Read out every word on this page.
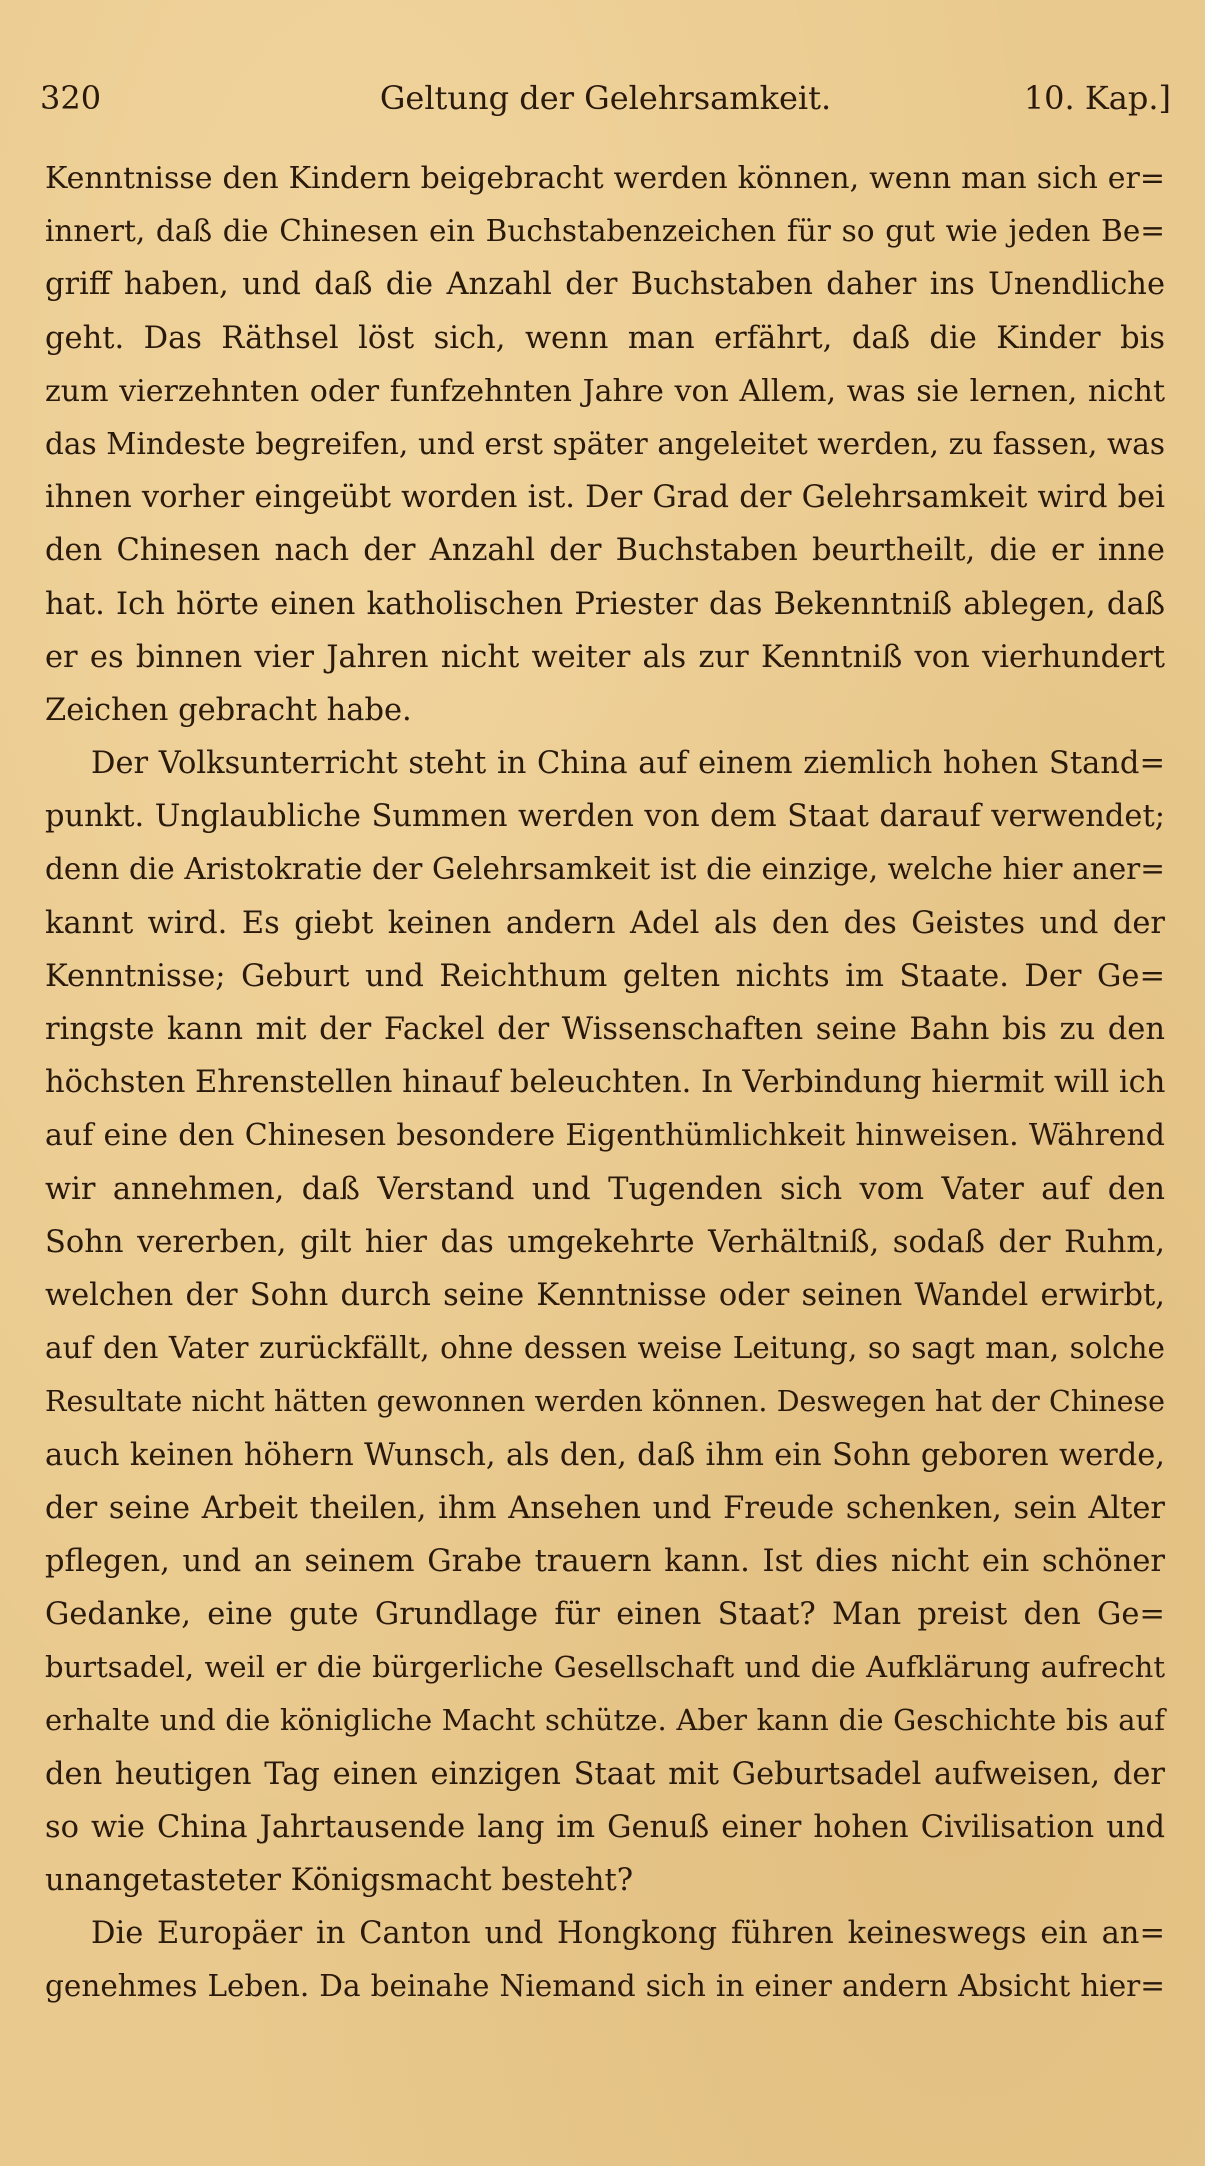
320	Geltung der Gelehrsamkeit.	10. Kap.]
Kenntnisse den Kindern beigebracht werden können, wenn man sich er=
innert, daß die Chinesen ein Buchstabenzeichen für so gut wie jeden Be=
griff haben, und daß die Anzahl der Buchstaben daher ins Unendliche
geht. Das Räthsel löst sich, wenn man erfährt, daß die Kinder bis
zum vierzehnten oder funfzehnten Jahre von Allem, was sie lernen, nicht
das Mindeste begreifen, und erst später angeleitet werden, zu fassen, was
ihnen vorher eingeübt worden ist. Der Grad der Gelehrsamkeit wird bei
den Chinesen nach der Anzahl der Buchstaben beurtheilt, die er inne
hat. Ich hörte einen katholischen Priester das Bekenntniß ablegen, daß
er es binnen vier Jahren nicht weiter als zur Kenntniß von vierhundert
Zeichen gebracht habe.
Der Volksunterricht steht in China auf einem ziemlich hohen Stand=
punkt. Unglaubliche Summen werden von dem Staat darauf verwendet;
denn die Aristokratie der Gelehrsamkeit ist die einzige, welche hier aner=
kannt wird. Es giebt keinen andern Adel als den des Geistes und der
Kenntnisse; Geburt und Reichthum gelten nichts im Staate. Der Ge=
ringste kann mit der Fackel der Wissenschaften seine Bahn bis zu den
höchsten Ehrenstellen hinauf beleuchten. In Verbindung hiermit will ich
auf eine den Chinesen besondere Eigenthümlichkeit hinweisen. Während
wir annehmen, daß Verstand und Tugenden sich vom Vater auf den
Sohn vererben, gilt hier das umgekehrte Verhältniß, sodaß der Ruhm,
welchen der Sohn durch seine Kenntnisse oder seinen Wandel erwirbt,
auf den Vater zurückfällt, ohne dessen weise Leitung, so sagt man, solche
Resultate nicht hätten gewonnen werden können. Deswegen hat der Chinese
auch keinen höhern Wunsch, als den, daß ihm ein Sohn geboren werde,
der seine Arbeit theilen, ihm Ansehen und Freude schenken, sein Alter
pflegen, und an seinem Grabe trauern kann. Ist dies nicht ein schöner
Gedanke, eine gute Grundlage für einen Staat? Man preist den Ge=
burtsadel, weil er die bürgerliche Gesellschaft und die Aufklärung aufrecht
erhalte und die königliche Macht schütze. Aber kann die Geschichte bis auf
den heutigen Tag einen einzigen Staat mit Geburtsadel aufweisen, der
so wie China Jahrtausende lang im Genuß einer hohen Civilisation und
unangetasteter Königsmacht besteht?
Die Europäer in Canton und Hongkong führen keineswegs ein an=
genehmes Leben. Da beinahe Niemand sich in einer andern Absicht hier=
